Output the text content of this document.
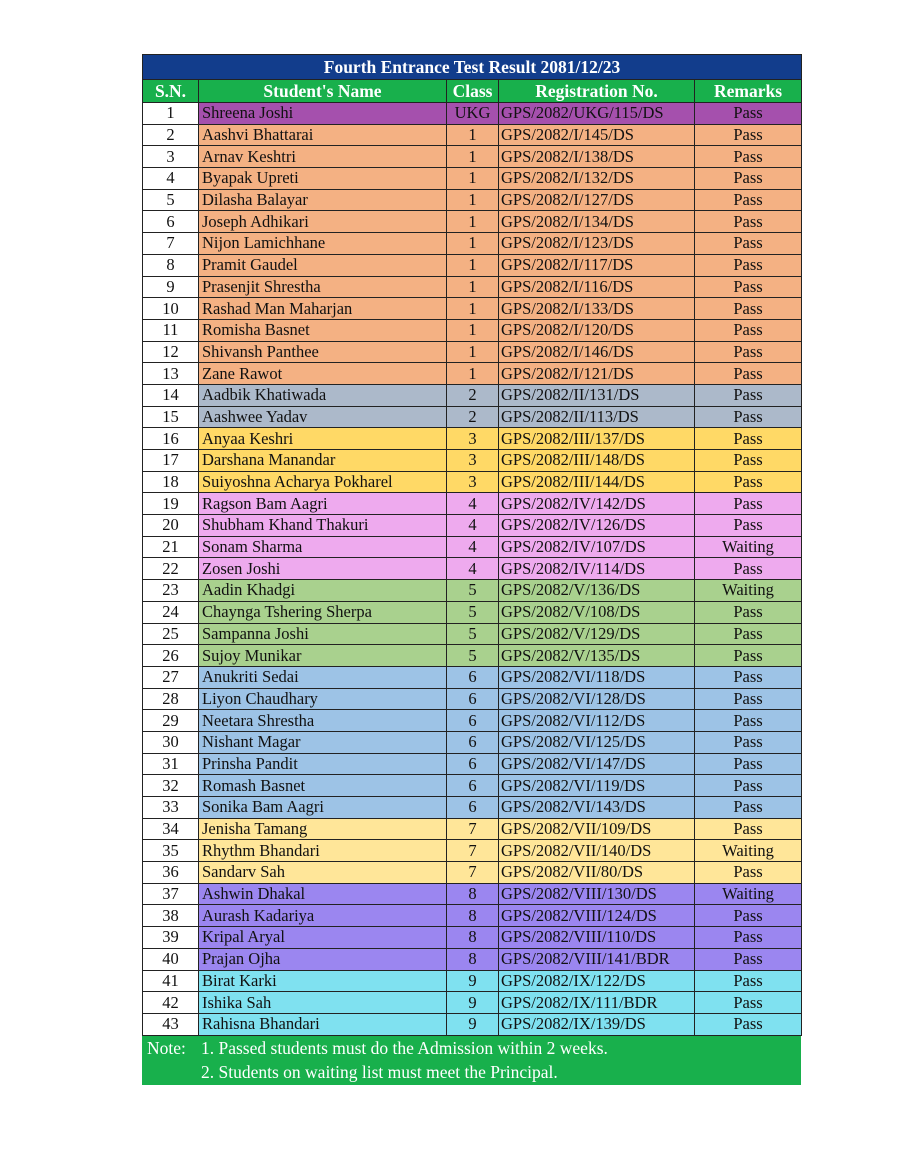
Fourth Entrance Test Result 2081/12/23				
S.N.	Student's Name	Class	Registration No.	Remarks
1	Shreena Joshi	UKG	GPS/2082/UKG/115/DS	Pass
2	Aashvi Bhattarai	1	GPS/2082/I/145/DS	Pass
3	Arnav Keshtri	1	GPS/2082/I/138/DS	Pass
4	Byapak Upreti	1	GPS/2082/I/132/DS	Pass
5	Dilasha Balayar	1	GPS/2082/I/127/DS	Pass
6	Joseph Adhikari	1	GPS/2082/I/134/DS	Pass
7	Nijon Lamichhane	1	GPS/2082/I/123/DS	Pass
8	Pramit Gaudel	1	GPS/2082/I/117/DS	Pass
9	Prasenjit Shrestha	1	GPS/2082/I/116/DS	Pass
10	Rashad Man Maharjan	1	GPS/2082/I/133/DS	Pass
11	Romisha Basnet	1	GPS/2082/I/120/DS	Pass
12	Shivansh Panthee	1	GPS/2082/I/146/DS	Pass
13	Zane Rawot	1	GPS/2082/I/121/DS	Pass
14	Aadbik Khatiwada	2	GPS/2082/II/131/DS	Pass
15	Aashwee Yadav	2	GPS/2082/II/113/DS	Pass
16	Anyaa Keshri	3	GPS/2082/III/137/DS	Pass
17	Darshana Manandar	3	GPS/2082/III/148/DS	Pass
18	Suiyoshna Acharya Pokharel	3	GPS/2082/III/144/DS	Pass
19	Ragson Bam Aagri	4	GPS/2082/IV/142/DS	Pass
20	Shubham Khand Thakuri	4	GPS/2082/IV/126/DS	Pass
21	Sonam Sharma	4	GPS/2082/IV/107/DS	Waiting
22	Zosen Joshi	4	GPS/2082/IV/114/DS	Pass
23	Aadin Khadgi	5	GPS/2082/V/136/DS	Waiting
24	Chaynga Tshering Sherpa	5	GPS/2082/V/108/DS	Pass
25	Sampanna Joshi	5	GPS/2082/V/129/DS	Pass
26	Sujoy Munikar	5	GPS/2082/V/135/DS	Pass
27	Anukriti Sedai	6	GPS/2082/VI/118/DS	Pass
28	Liyon Chaudhary	6	GPS/2082/VI/128/DS	Pass
29	Neetara Shrestha	6	GPS/2082/VI/112/DS	Pass
30	Nishant Magar	6	GPS/2082/VI/125/DS	Pass
31	Prinsha Pandit	6	GPS/2082/VI/147/DS	Pass
32	Romash Basnet	6	GPS/2082/VI/119/DS	Pass
33	Sonika Bam Aagri	6	GPS/2082/VI/143/DS	Pass
34	Jenisha Tamang	7	GPS/2082/VII/109/DS	Pass
35	Rhythm Bhandari	7	GPS/2082/VII/140/DS	Waiting
36	Sandarv Sah	7	GPS/2082/VII/80/DS	Pass
37	Ashwin Dhakal	8	GPS/2082/VIII/130/DS	Waiting
38	Aurash Kadariya	8	GPS/2082/VIII/124/DS	Pass
39	Kripal Aryal	8	GPS/2082/VIII/110/DS	Pass
40	Prajan Ojha	8	GPS/2082/VIII/141/BDR	Pass
41	Birat Karki	9	GPS/2082/IX/122/DS	Pass
42	Ishika Sah	9	GPS/2082/IX/111/BDR	Pass
43	Rahisna Bhandari	9	GPS/2082/IX/139/DS	Pass
Note: 1. Passed students must do the Admission within 2 weeks.
2. Students on waiting list must meet the Principal.
